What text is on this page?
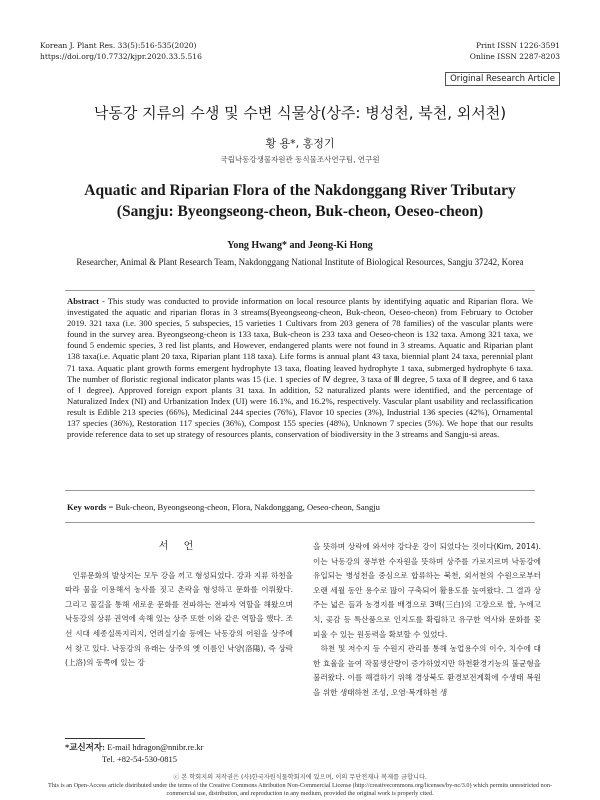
Korean J. Plant Res. 33(5):516-535(2020)
https://doi.org/10.7732/kjpr.2020.33.5.516
Print ISSN 1226-3591
Online ISSN 2287-8203
Original Research Article
낙동강 지류의 수생 및 수변 식물상(상주: 병성천, 북천, 외서천)
황 용*, 홍정기
국립낙동강생물자원관 동식물조사연구팀, 연구원
Aquatic and Riparian Flora of the Nakdonggang River Tributary
(Sangju: Byeongseong-cheon, Buk-cheon, Oeseo-cheon)
Yong Hwang* and Jeong-Ki Hong
Researcher, Animal & Plant Research Team, Nakdonggang National Institute of Biological Resources, Sangju 37242, Korea
Abstract - This study was conducted to provide information on local resource plants by identifying aquatic and Riparian flora. We investigated the aquatic and riparian floras in 3 streams(Byeongseong-cheon, Buk-cheon, Oeseo-cheon) from February to October 2019. 321 taxa (i.e. 300 species, 5 subspecies, 15 varieties 1 Cultivars from 203 genera of 78 families) of the vascular plants were found in the survey area. Byeongseong-cheon is 133 taxa, Buk-cheon is 233 taxa and Oeseo-cheon is 132 taxa. Among 321 taxa, we found 5 endemic species, 3 red list plants, and However, endangered plants were not found in 3 streams. Aquatic and Riparian plant 138 taxa(i.e. Aquatic plant 20 taxa, Riparian plant 118 taxa). Life forms is annual plant 43 taxa, biennial plant 24 taxa, perennial plant 71 taxa. Aquatic plant growth forms emergent hydrophyte 13 taxa, floating leaved hydrophyte 1 taxa, submerged hydrophyte 6 taxa. The number of floristic regional indicator plants was 15 (i.e. 1 species of Ⅳ degree, 3 taxa of Ⅲ degree, 5 taxa of Ⅱ degree, and 6 taxa of Ⅰ degree). Approved foreign export plants 31 taxa. In addition, 52 naturalized plants were identified, and the percentage of Naturalized Index (NI) and Urbanization Index (UI) were 16.1%, and 16.2%, respectively. Vascular plant usability and reclassification result is Edible 213 species (66%), Medicinal 244 species (76%), Flavor 10 species (3%), Industrial 136 species (42%), Ornamental 137 species (36%), Restoration 117 species (36%), Compost 155 species (48%), Unknown 7 species (5%). We hope that our results provide reference data to set up strategy of resources plants, conservation of biodiversity in the 3 streams and Sangju-si areas.
Key words = Buk-cheon, Byeongseong-cheon, Flora, Nakdonggang, Oeseo-cheon, Sangju
서 언

인류문화의 발상지는 모두 강을 끼고 형성되었다. 강과 지류 하천을 따라 물을 이용해서 농사를 짓고 촌락을 형성하고 문화를 이뤄왔다. 그리고 물길을 통해 새로운 문화를 전파하는 전파자 역할을 해왔으며 낙동강의 상류 권역에 속해 있는 상주 또한 이와 같은 역할을 했다. 조선 시대 세종실록지리지, 연려실기술 등에는 낙동강의 어원을 상주에서 찾고 있다. 낙동강의 유래는 상주의 옛 이름인 낙양(洛陽), 즉 상락(上洛)의 동쪽에 있는 강

을 뜻하며 상락에 와서야 강다운 강이 되었다는 것이다(Kim, 2014). 이는 낙동강의 풍부한 수자원을 뜻하며 상주를 가로지르며 낙동강에 유입되는 병성천을 중심으로 합류하는 북천, 외서천의 수원으로부터 오랜 세월 동안 용수로 많이 구축되어 활용도를 높여왔다. 그 결과 상주는 넓은 들과 농경지를 배경으로 3백(三白)의 고장으로 쌀, 누에고치, 곶감 등 특산품으로 인지도를 확립하고 유구한 역사와 문화를 꽃피울 수 있는 원동력을 확보할 수 있었다.

하천 및 저수지 등 수원지 관리를 통해 농업용수의 이수, 치수에 대한 효율을 높여 작물생산량이 증가하였지만 하천환경기능의 불균형을 불러왔다. 이를 해결하기 위해 경상북도 환경보전계획에 수생태 복원을 위한 생태하천 조성, 오염·복개하천 생

*교신저자: E-mail hdragon@nnibr.re.kr
Tel. +82-54-530-0815
ⓒ 본 학회지의 저작권은 (사)한국자원식물학회지에 있으며, 이의 무단전재나 복제를 금합니다.
This is an Open-Access article distributed under the terms of the Creative Commons Attribution Non-Commercial License (http://creativecommons.org/licenses/by-nc/3.0) which permits unrestricted non-commercial use, distribution, and reproduction in any medium, provided the original work is properly cited.
